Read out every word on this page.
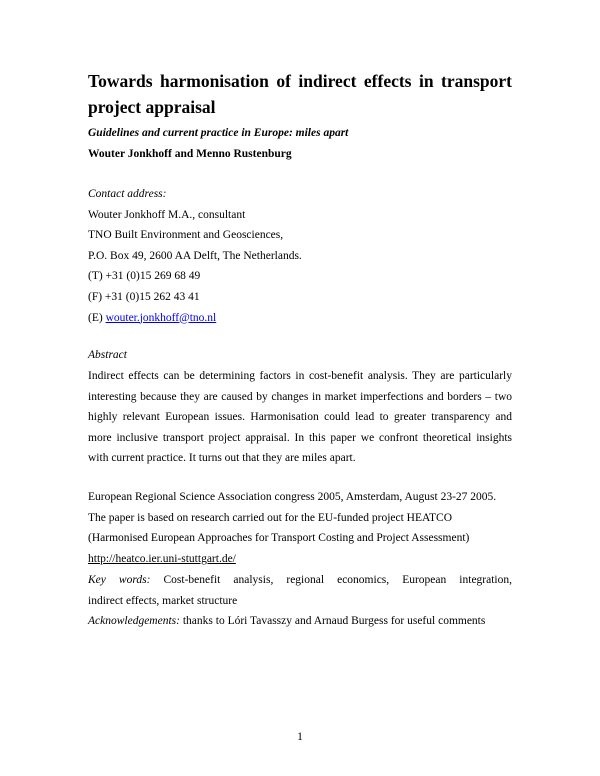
Towards harmonisation of indirect effects in transport project appraisal

Guidelines and current practice in Europe: miles apart

Wouter Jonkhoff and Menno Rustenburg

Contact address:
Wouter Jonkhoff M.A., consultant
TNO Built Environment and Geosciences,
P.O. Box 49, 2600 AA Delft, The Netherlands.
(T) +31 (0)15 269 68 49
(F) +31 (0)15 262 43 41
(E) wouter.jonkhoff@tno.nl
Abstract
Indirect effects can be determining factors in cost-benefit analysis. They are particularly interesting because they are caused by changes in market imperfections and borders – two highly relevant European issues. Harmonisation could lead to greater transparency and more inclusive transport project appraisal. In this paper we confront theoretical insights with current practice. It turns out that they are miles apart.
European Regional Science Association congress 2005, Amsterdam, August 23-27 2005.
The paper is based on research carried out for the EU-funded project HEATCO
(Harmonised European Approaches for Transport Costing and Project Assessment)
http://heatco.ier.uni-stuttgart.de/
Key words: Cost-benefit analysis, regional economics, European integration,
indirect effects, market structure
Acknowledgements: thanks to Lóri Tavasszy and Arnaud Burgess for useful comments
1
